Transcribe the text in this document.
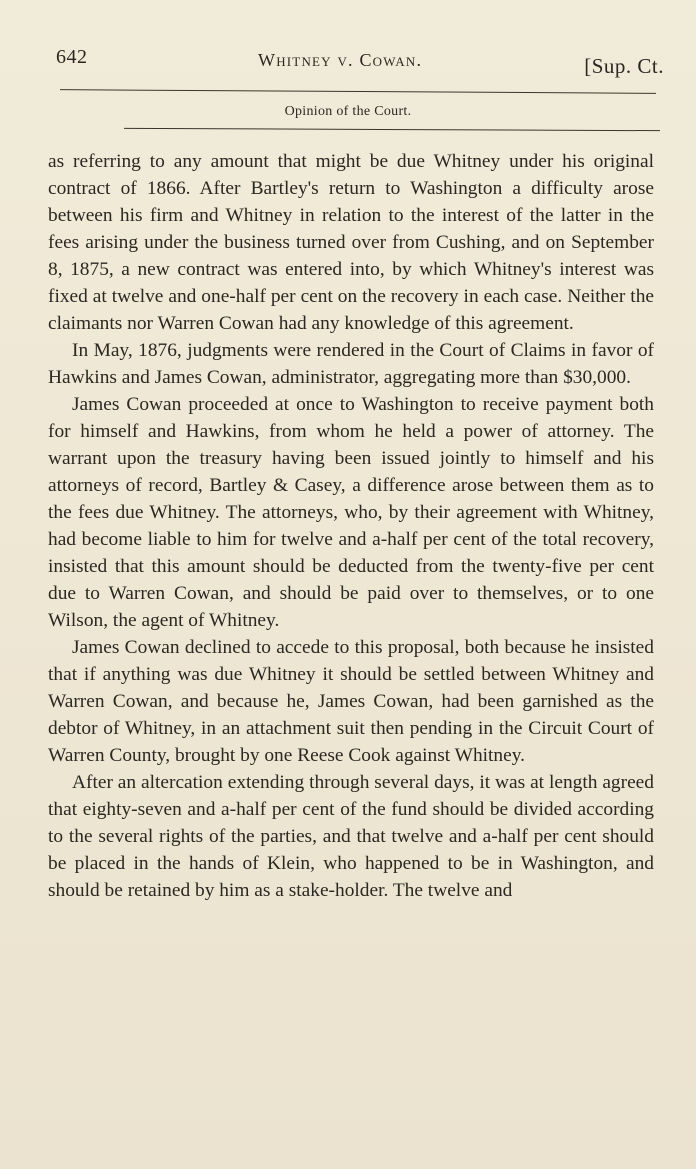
642	Whitney v. Cowan.	[Sup. Ct.
Opinion of the Court.

as referring to any amount that might be due Whitney under his original contract of 1866. After Bartley's return to Washington a difficulty arose between his firm and Whitney in relation to the interest of the latter in the fees arising under the business turned over from Cushing, and on September 8, 1875, a new contract was entered into, by which Whitney's interest was fixed at twelve and one-half per cent on the recovery in each case. Neither the claimants nor Warren Cowan had any knowledge of this agreement.

In May, 1876, judgments were rendered in the Court of Claims in favor of Hawkins and James Cowan, administrator, aggregating more than $30,000.

James Cowan proceeded at once to Washington to receive payment both for himself and Hawkins, from whom he held a power of attorney. The warrant upon the treasury having been issued jointly to himself and his attorneys of record, Bartley & Casey, a difference arose between them as to the fees due Whitney. The attorneys, who, by their agreement with Whitney, had become liable to him for twelve and a-half per cent of the total recovery, insisted that this amount should be deducted from the twenty-five per cent due to Warren Cowan, and should be paid over to themselves, or to one Wilson, the agent of Whitney.

James Cowan declined to accede to this proposal, both because he insisted that if anything was due Whitney it should be settled between Whitney and Warren Cowan, and because he, James Cowan, had been garnished as the debtor of Whitney, in an attachment suit then pending in the Circuit Court of Warren County, brought by one Reese Cook against Whitney.

After an altercation extending through several days, it was at length agreed that eighty-seven and a-half per cent of the fund should be divided according to the several rights of the parties, and that twelve and a-half per cent should be placed in the hands of Klein, who happened to be in Washington, and should be retained by him as a stake-holder. The twelve and
